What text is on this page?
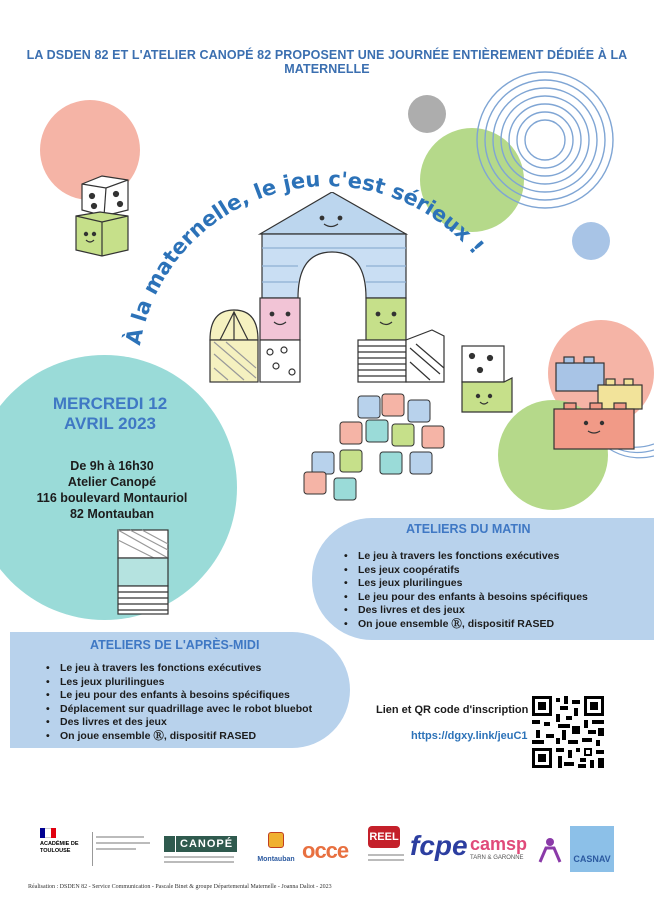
LA DSDEN 82 ET L'ATELIER CANOPÉ 82 PROPOSENT UNE JOURNÉE ENTIÈREMENT DÉDIÉE À LA MATERNELLE
À la maternelle, le jeu c'est sérieux !
MERCREDI 12
AVRIL 2023
De 9h à 16h30
Atelier Canopé
116 boulevard Montauriol
82 Montauban
ATELIERS DU MATIN
• Le jeu à travers les fonctions exécutives
• Les jeux coopératifs
• Les jeux plurilingues
• Le jeu pour des enfants à besoins spécifiques
• Des livres et des jeux
• On joue ensemble Ⓡ, dispositif RASED
ATELIERS DE L'APRÈS-MIDI
• Le jeu à travers les fonctions exécutives
• Les jeux plurilingues
• Le jeu pour des enfants à besoins spécifiques
• Déplacement sur quadrillage avec le robot bluebot
• Des livres et des jeux
• On joue ensemble Ⓡ, dispositif RASED
Lien et QR code d'inscription
https://dgxy.link/jeuC1
ACADÉMIE DE TOULOUSE
CANOPÉ
Montauban occe
REEL fcpe camsp
TARN & GARONNE	CASNAV
Réalisation : DSDEN 82 - Service Communication - Pascale Binet & groupe Départemental Maternelle - Joanna Daliot - 2023
